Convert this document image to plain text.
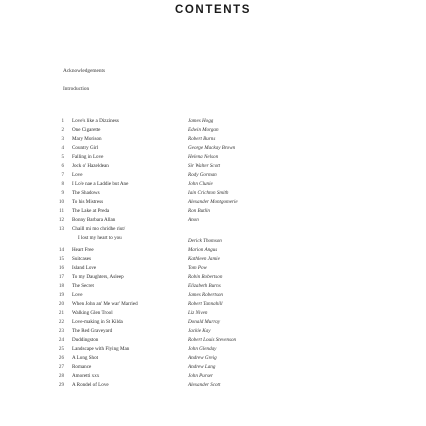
CONTENTS
Acknowledgements
Introduction
1 Love's like a Dizziness	James Hogg
2 One Cigarette	Edwin Morgan
3 Mary Morison	Robert Burns
4 Country Girl	George Mackay Brown
5 Falling in Love	Helena Nelson
6 Jock o' Hazeldean	Sir Walter Scott
7 Love	Rody Gorman
8 I Lo'e nae a Laddie but Ane	John Clunie
9 The Shadows	Iain Crichton Smith
10 To his Mistress	Alexander Montgomerie
11 The Lake at Preda	Ron Butlin
12 Bonny Barbara Allan	Anon
13 Chaill mi mo chridhe riut/
I lost my heart to you	Derick Thomson
14 Heart Free	Marion Angus
15 Suitcases	Kathleen Jamie
16 Island Love	Tom Pow
17 To my Daughters, Asleep	Robin Robertson
18 The Secret	Elizabeth Burns
19 Love	James Robertson
20 When John an' Me war' Married	Robert Tannahill
21 Walking Glen Trool	Liz Niven
22 Love-making in St Kilda	Donald Murray
23 The Red Graveyard	Jackie Kay
24 Duddingston	Robert Louis Stevenson
25 Landscape with Flying Man	John Glenday
26 A Long Shot	Andrew Greig
27 Romance	Andrew Lang
28 Amoretti xxx	John Purser
29 A Rondel of Love	Alexander Scott
